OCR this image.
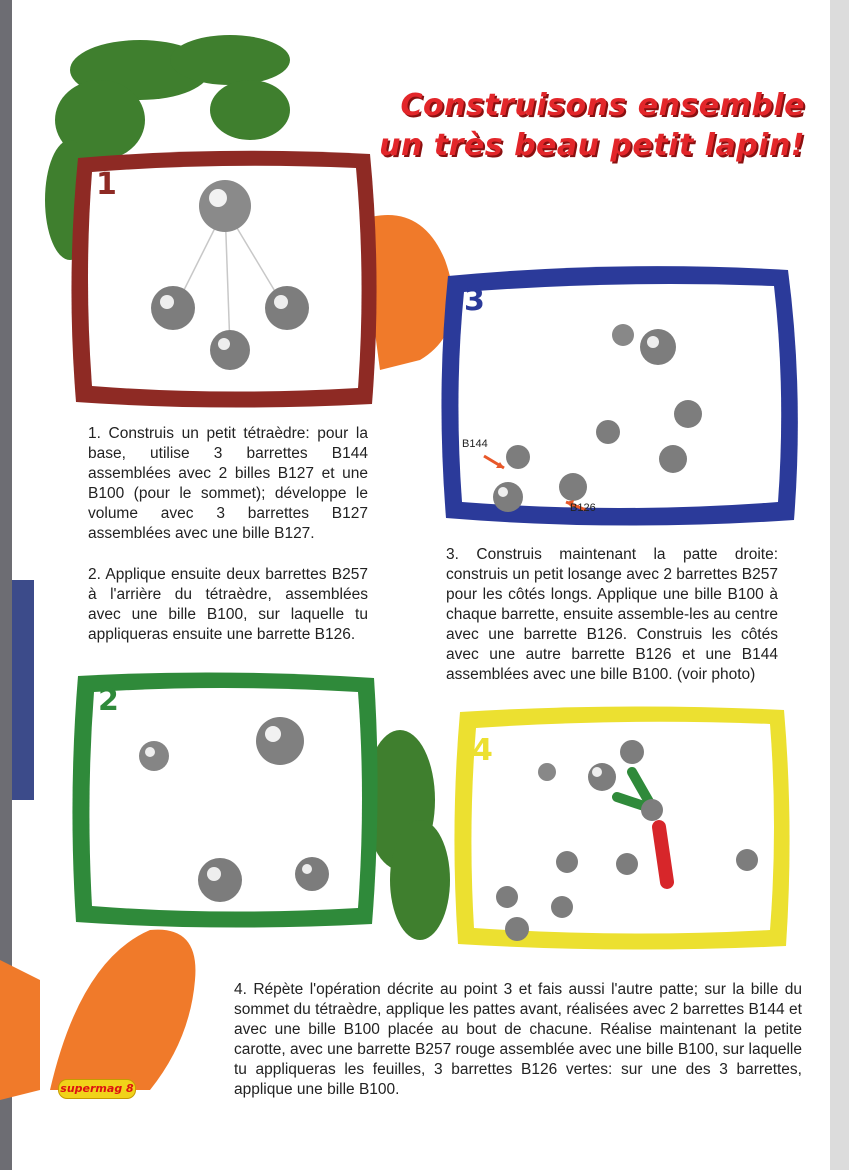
Construisons ensemble
un très beau petit lapin!
1
1. Construis un petit tétraèdre: pour la base, utilise 3 barrettes B144 assemblées avec 2 billes B127 et une B100 (pour le sommet); développe le volume avec 3 barrettes B127 assemblées avec une bille B127.
2. Applique ensuite deux barrettes B257 à l'arrière du tétraèdre, assemblées avec une bille B100, sur laquelle tu appliqueras ensuite une barrette B126.
2
3
B144
B126
3. Construis maintenant la patte droite: construis un petit losange avec 2 barrettes B257 pour les côtés longs. Applique une bille B100 à chaque barrette, ensuite assemble-les au centre avec une barrette B126. Construis les côtés avec une autre barrette B126 et une B144 assemblées avec une bille B100. (voir photo)
4
4. Répète l'opération décrite au point 3 et fais aussi l'autre patte; sur la bille du sommet du tétraèdre, applique les pattes avant, réalisées avec 2 barrettes B144 et avec une bille B100 placée au bout de chacune. Réalise maintenant la petite carotte, avec une barrette B257 rouge assemblée avec une bille B100, sur laquelle tu appliqueras les feuilles, 3 barrettes B126 vertes: sur une des 3 barrettes, applique une bille B100.
supermag 8
